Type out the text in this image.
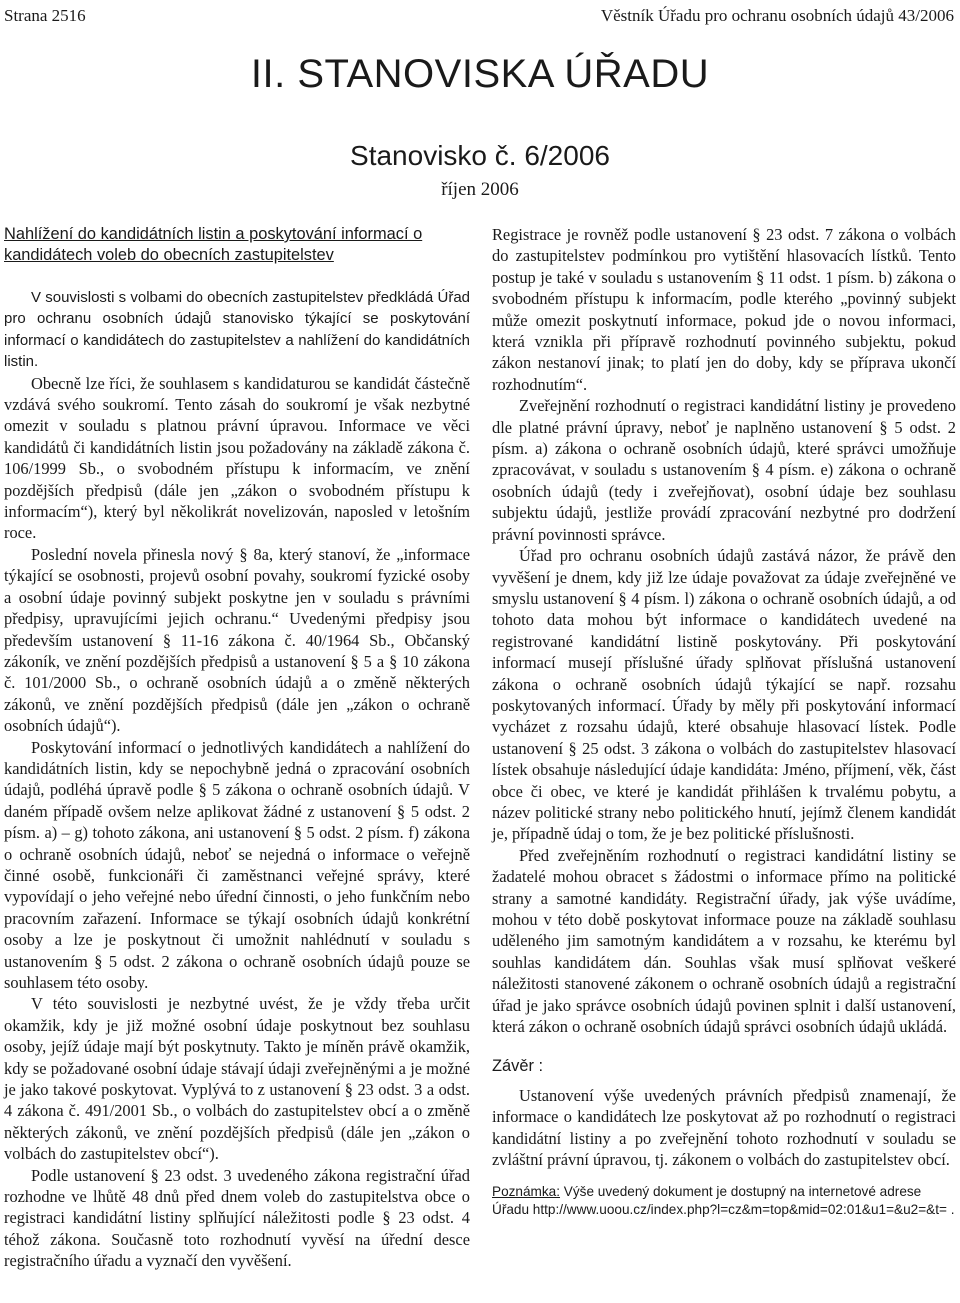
Strana 2516	Věstník Úřadu pro ochranu osobních údajů 43/2006
II. STANOVISKA ÚŘADU
Stanovisko č. 6/2006
říjen 2006
Nahlížení do kandidátních listin a poskytování informací o kandidátech voleb do obecních zastupitelstev

V souvislosti s volbami do obecních zastupitelstev předkládá Úřad pro ochranu osobních údajů stanovisko týkající se poskytování informací o kandidátech do zastupitelstev a nahlížení do kandidátních listin.

Obecně lze říci, že souhlasem s kandidaturou se kandidát částečně vzdává svého soukromí. Tento zásah do soukromí je však nezbytné omezit v souladu s platnou právní úpravou. Informace ve věci kandidátů či kandidátních listin jsou požadovány na základě zákona č. 106/1999 Sb., o svobodném přístupu k informacím, ve znění pozdějších předpisů (dále jen „zákon o svobodném přístupu k informacím“), který byl několikrát novelizován, naposled v letošním roce.

Poslední novela přinesla nový § 8a, který stanoví, že „informace týkající se osobnosti, projevů osobní povahy, soukromí fyzické osoby a osobní údaje povinný subjekt poskytne jen v souladu s právními předpisy, upravujícími jejich ochranu.“ Uvedenými předpisy jsou především ustanovení § 11-16 zákona č. 40/1964 Sb., Občanský zákoník, ve znění pozdějších předpisů a ustanovení § 5 a § 10 zákona č. 101/2000 Sb., o ochraně osobních údajů a o změně některých zákonů, ve znění pozdějších předpisů (dále jen „zákon o ochraně osobních údajů“).

Poskytování informací o jednotlivých kandidátech a nahlížení do kandidátních listin, kdy se nepochybně jedná o zpracování osobních údajů, podléhá úpravě podle § 5 zákona o ochraně osobních údajů. V daném případě ovšem nelze aplikovat žádné z ustanovení § 5 odst. 2 písm. a) – g) tohoto zákona, ani ustanovení § 5 odst. 2 písm. f) zákona o ochraně osobních údajů, neboť se nejedná o informace o veřejně činné osobě, funkcionáři či zaměstnanci veřejné správy, které vypovídají o jeho veřejné nebo úřední činnosti, o jeho funkčním nebo pracovním zařazení. Informace se týkají osobních údajů konkrétní osoby a lze je poskytnout či umožnit nahlédnutí v souladu s ustanovením § 5 odst. 2 zákona o ochraně osobních údajů pouze se souhlasem této osoby.

V této souvislosti je nezbytné uvést, že je vždy třeba určit okamžik, kdy je již možné osobní údaje poskytnout bez souhlasu osoby, jejíž údaje mají být poskytnuty. Takto je míněn právě okamžik, kdy se požadované osobní údaje stávají údaji zveřejněnými a je možné je jako takové poskytovat. Vyplývá to z ustanovení § 23 odst. 3 a odst. 4 zákona č. 491/2001 Sb., o volbách do zastupitelstev obcí a o změně některých zákonů, ve znění pozdějších předpisů (dále jen „zákon o volbách do zastupitelstev obcí“).

Podle ustanovení § 23 odst. 3 uvedeného zákona registrační úřad rozhodne ve lhůtě 48 dnů před dnem voleb do zastupitelstva obce o registraci kandidátní listiny splňující náležitosti podle § 23 odst. 4 téhož zákona. Současně toto rozhodnutí vyvěsí na úřední desce registračního úřadu a vyznačí den vyvěšení.

Registrace je rovněž podle ustanovení § 23 odst. 7 zákona o volbách do zastupitelstev podmínkou pro vytištění hlasovacích lístků. Tento postup je také v souladu s ustanovením § 11 odst. 1 písm. b) zákona o svobodném přístupu k informacím, podle kterého „povinný subjekt může omezit poskytnutí informace, pokud jde o novou informaci, která vznikla při přípravě rozhodnutí povinného subjektu, pokud zákon nestanoví jinak; to platí jen do doby, kdy se příprava ukončí rozhodnutím“.

Zveřejnění rozhodnutí o registraci kandidátní listiny je provedeno dle platné právní úpravy, neboť je naplněno ustanovení § 5 odst. 2 písm. a) zákona o ochraně osobních údajů, které správci umožňuje zpracovávat, v souladu s ustanovením § 4 písm. e) zákona o ochraně osobních údajů (tedy i zveřejňovat), osobní údaje bez souhlasu subjektu údajů, jestliže provádí zpracování nezbytné pro dodržení právní povinnosti správce.

Úřad pro ochranu osobních údajů zastává názor, že právě den vyvěšení je dnem, kdy již lze údaje považovat za údaje zveřejněné ve smyslu ustanovení § 4 písm. l) zákona o ochraně osobních údajů, a od tohoto data mohou být informace o kandidátech uvedené na registrované kandidátní listině poskytovány. Při poskytování informací musejí příslušné úřady splňovat příslušná ustanovení zákona o ochraně osobních údajů týkající se např. rozsahu poskytovaných informací. Úřady by měly při poskytování informací vycházet z rozsahu údajů, které obsahuje hlasovací lístek. Podle ustanovení § 25 odst. 3 zákona o volbách do zastupitelstev hlasovací lístek obsahuje následující údaje kandidáta: Jméno, příjmení, věk, část obce či obec, ve které je kandidát přihlášen k trvalému pobytu, a název politické strany nebo politického hnutí, jejímž členem kandidát je, případně údaj o tom, že je bez politické příslušnosti.

Před zveřejněním rozhodnutí o registraci kandidátní listiny se žadatelé mohou obracet s žádostmi o informace přímo na politické strany a samotné kandidáty. Registrační úřady, jak výše uvádíme, mohou v této době poskytovat informace pouze na základě souhlasu uděleného jim samotným kandidátem a v rozsahu, ke kterému byl souhlas kandidátem dán. Souhlas však musí splňovat veškeré náležitosti stanovené zákonem o ochraně osobních údajů a registrační úřad je jako správce osobních údajů povinen splnit i další ustanovení, která zákon o ochraně osobních údajů správci osobních údajů ukládá.

Závěr :

Ustanovení výše uvedených právních předpisů znamenají, že informace o kandidátech lze poskytovat až po rozhodnutí o registraci kandidátní listiny a po zveřejnění tohoto rozhodnutí v souladu se zvláštní právní úpravou, tj. zákonem o volbách do zastupitelstev obcí.

Poznámka: Výše uvedený dokument je dostupný na internetové adrese Úřadu http://www.uoou.cz/index.php?l=cz&m=top&mid=02:01&u1=&u2=&t= .
